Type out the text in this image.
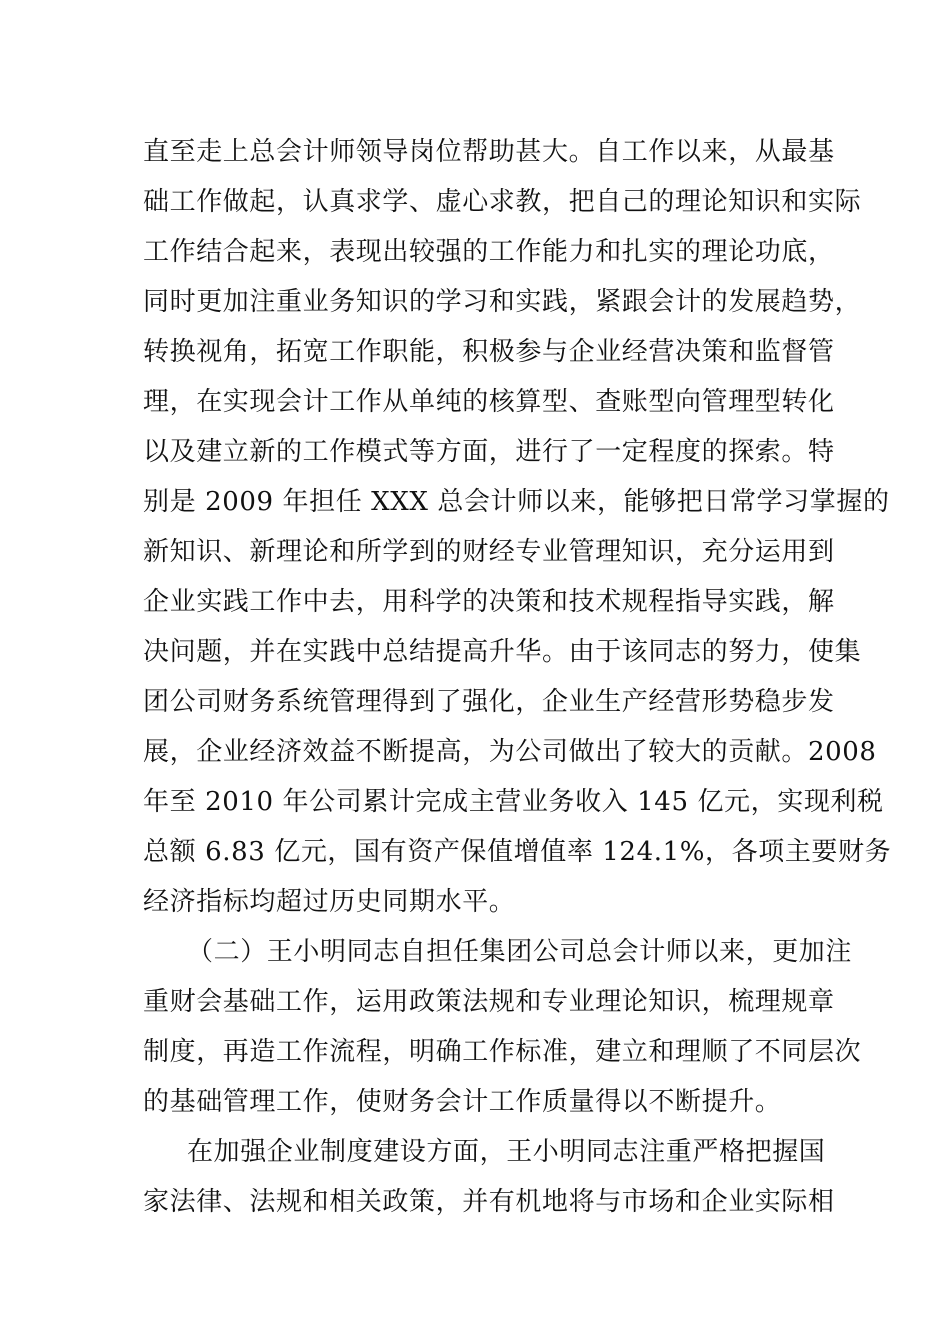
直至走上总会计师领导岗位帮助甚大。自工作以来，从最基
础工作做起，认真求学、虚心求教，把自己的理论知识和实际
工作结合起来，表现出较强的工作能力和扎实的理论功底，
同时更加注重业务知识的学习和实践，紧跟会计的发展趋势，
转换视角，拓宽工作职能，积极参与企业经营决策和监督管
理，在实现会计工作从单纯的核算型、查账型向管理型转化
以及建立新的工作模式等方面，进行了一定程度的探索。特
别是 2009 年担任 XXX 总会计师以来，能够把日常学习掌握的
新知识、新理论和所学到的财经专业管理知识，充分运用到
企业实践工作中去，用科学的决策和技术规程指导实践，解
决问题，并在实践中总结提高升华。由于该同志的努力，使集
团公司财务系统管理得到了强化，企业生产经营形势稳步发
展，企业经济效益不断提高，为公司做出了较大的贡献。2008
年至 2010 年公司累计完成主营业务收入 145 亿元，实现利税
总额 6.83 亿元，国有资产保值增值率 124.1%，各项主要财务
经济指标均超过历史同期水平。
（二）王小明同志自担任集团公司总会计师以来，更加注
重财会基础工作，运用政策法规和专业理论知识，梳理规章
制度，再造工作流程，明确工作标准，建立和理顺了不同层次
的基础管理工作，使财务会计工作质量得以不断提升。
在加强企业制度建设方面，王小明同志注重严格把握国
家法律、法规和相关政策，并有机地将与市场和企业实际相
